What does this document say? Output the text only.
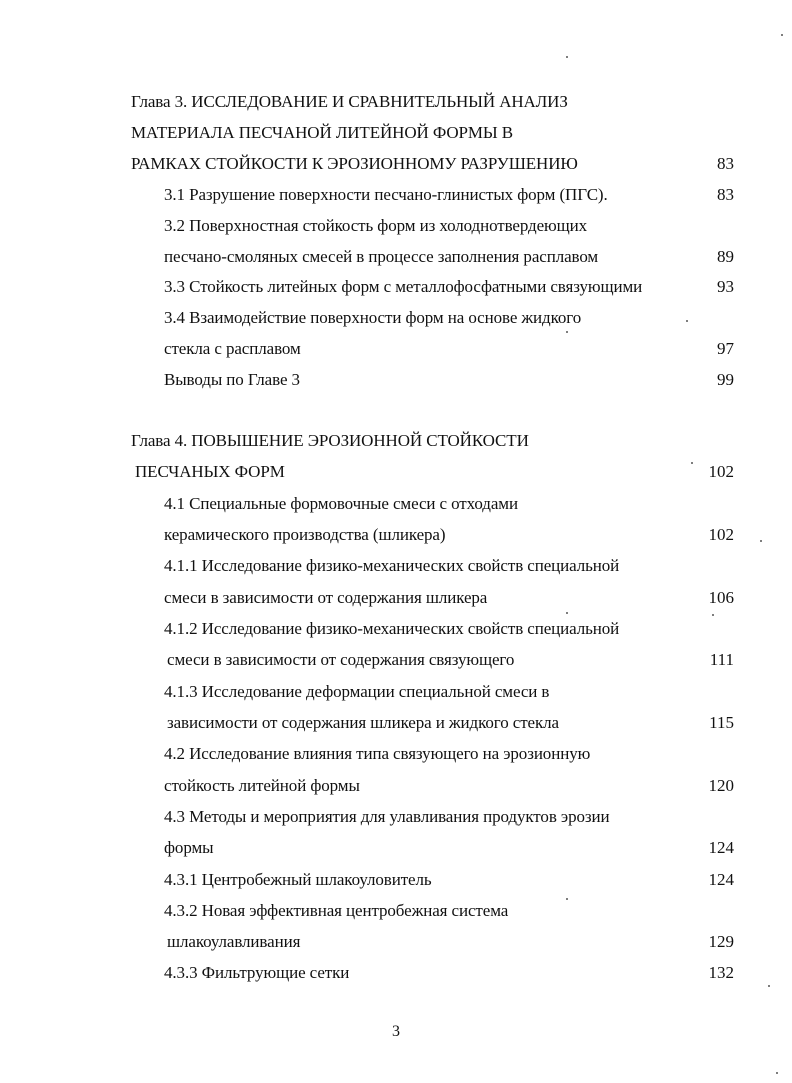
Глава 3. ИССЛЕДОВАНИЕ И СРАВНИТЕЛЬНЫЙ АНАЛИЗ
МАТЕРИАЛА ПЕСЧАНОЙ ЛИТЕЙНОЙ ФОРМЫ В
РАМКАХ СТОЙКОСТИ К ЭРОЗИОННОМУ РАЗРУШЕНИЮ	83
3.1 Разрушение поверхности песчано-глинистых форм (ПГС).	83
3.2 Поверхностная стойкость форм из холоднотвердеющих
песчано-смоляных смесей в процессе заполнения расплавом	89
3.3 Стойкость литейных форм с металлофосфатными связующими	93
3.4 Взаимодействие поверхности форм на основе жидкого
стекла с расплавом	97
Выводы по Главе 3	99
Глава 4. ПОВЫШЕНИЕ ЭРОЗИОННОЙ СТОЙКОСТИ
ПЕСЧАНЫХ ФОРМ	102
4.1 Специальные формовочные смеси с отходами
керамического производства (шликера)	102
4.1.1 Исследование физико-механических свойств специальной
смеси в зависимости от содержания шликера	106
4.1.2 Исследование физико-механических свойств специальной
смеси в зависимости от содержания связующего	111
4.1.3 Исследование деформации специальной смеси в
зависимости от содержания шликера и жидкого стекла	115
4.2 Исследование влияния типа связующего на эрозионную
стойкость литейной формы	120
4.3 Методы и мероприятия для улавливания продуктов эрозии
формы	124
4.3.1 Центробежный шлакоуловитель	124
4.3.2 Новая эффективная центробежная система
шлакоулавливания	129
4.3.3 Фильтрующие сетки	132
3
